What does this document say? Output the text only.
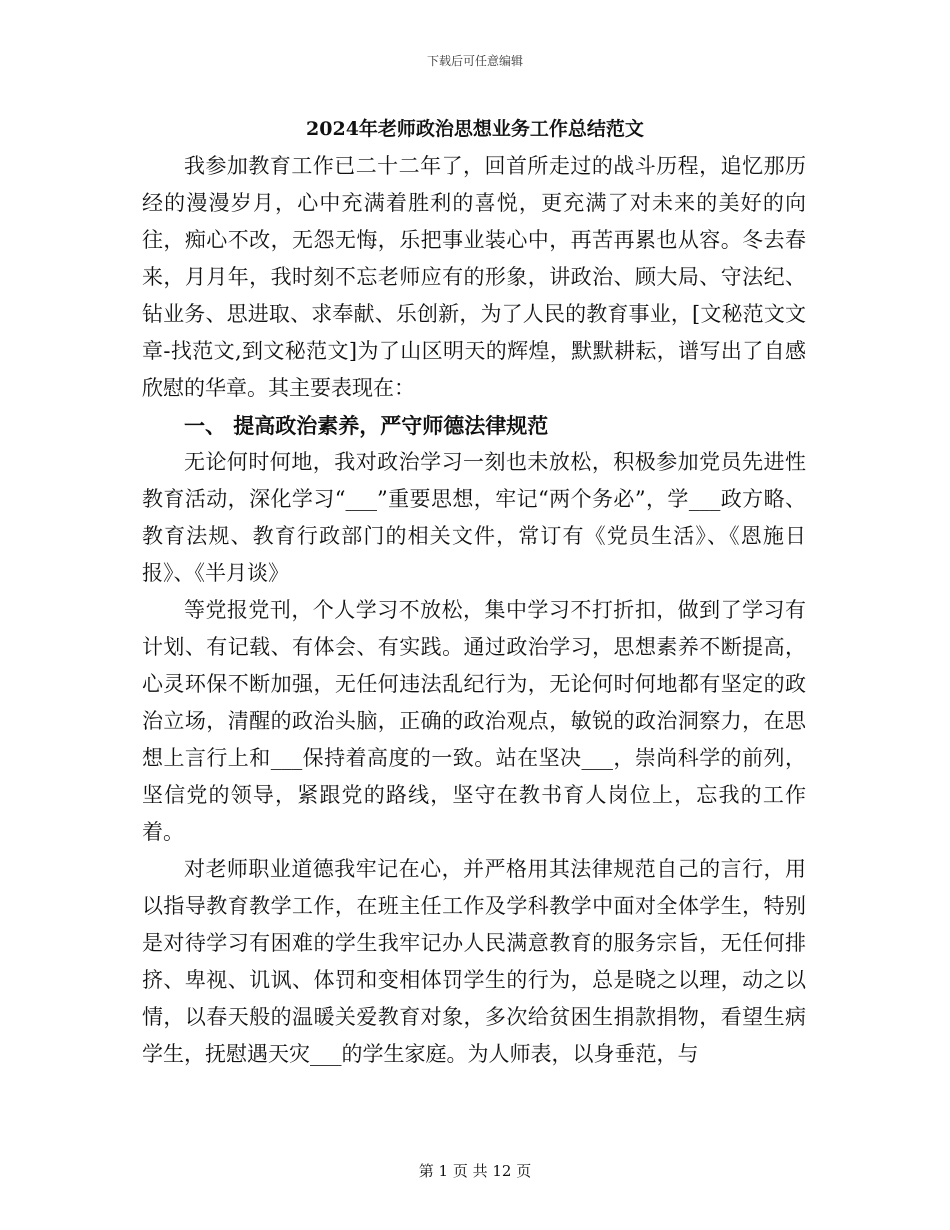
下载后可任意编辑
2024年老师政治思想业务工作总结范文

我参加教育工作已二十二年了，回首所走过的战斗历程，追忆那历经的漫漫岁月，心中充满着胜利的喜悦，更充满了对未来的美好的向往，痴心不改，无怨无悔，乐把事业装心中，再苦再累也从容。冬去春来，月月年，我时刻不忘老师应有的形象，讲政治、顾大局、守法纪、钻业务、思进取、求奉献、乐创新，为了人民的教育事业，[文秘范文文章-找范文,到文秘范文]为了山区明天的辉煌，默默耕耘，谱写出了自感欣慰的华章。其主要表现在：

一、 提高政治素养，严守师德法律规范

无论何时何地，我对政治学习一刻也未放松，积极参加党员先进性教育活动，深化学习“___”重要思想，牢记“两个务必”，学___政方略、教育法规、教育行政部门的相关文件，常订有《党员生活》、《恩施日报》、《半月谈》

等党报党刊，个人学习不放松，集中学习不打折扣，做到了学习有计划、有记载、有体会、有实践。通过政治学习，思想素养不断提高，心灵环保不断加强，无任何违法乱纪行为，无论何时何地都有坚定的政治立场，清醒的政治头脑，正确的政治观点，敏锐的政治洞察力，在思想上言行上和___保持着高度的一致。站在坚决___，崇尚科学的前列，坚信党的领导，紧跟党的路线，坚守在教书育人岗位上，忘我的工作着。

对老师职业道德我牢记在心，并严格用其法律规范自己的言行，用以指导教育教学工作，在班主任工作及学科教学中面对全体学生，特别是对待学习有困难的学生我牢记办人民满意教育的服务宗旨，无任何排挤、卑视、讥讽、体罚和变相体罚学生的行为，总是晓之以理，动之以情，以春天般的温暖关爱教育对象，多次给贫困生捐款捐物，看望生病学生，抚慰遇天灾___的学生家庭。为人师表，以身垂范，与

第 1 页 共 12 页
